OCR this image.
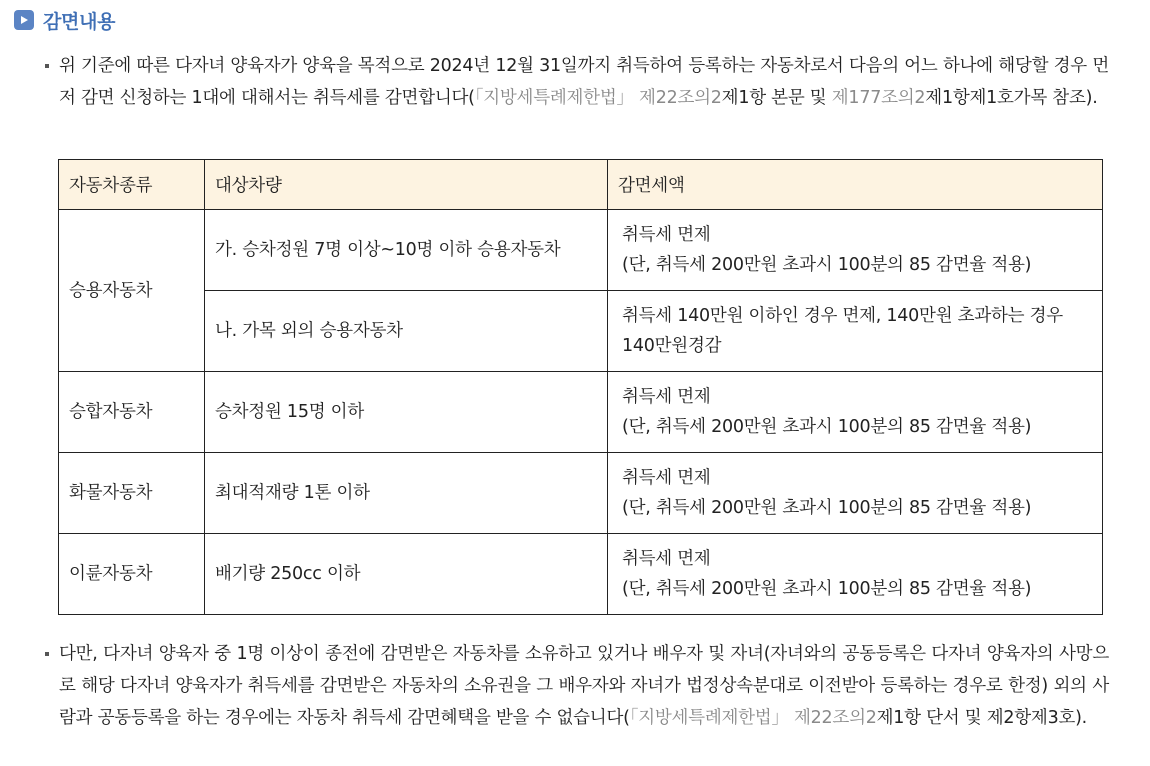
감면내용
위 기준에 따른 다자녀 양육자가 양육을 목적으로 2024년 12월 31일까지 취득하여 등록하는 자동차로서 다음의 어느 하나에 해당할 경우 먼저 감면 신청하는 1대에 대해서는 취득세를 감면합니다(「지방세특례제한법」 제22조의2제1항 본문 및 제177조의2제1항제1호가목 참조).
자동차종류	대상차량	감면세액
승용자동차	가. 승차정원 7명 이상~10명 이하 승용자동차	취득세 면제
(단, 취득세 200만원 초과시 100분의 85 감면율 적용)

	나. 가목 외의 승용자동차	취득세 140만원 이하인 경우 면제, 140만원 초과하는 경우 140만원경감

승합자동차	승차정원 15명 이하	취득세 면제
(단, 취득세 200만원 초과시 100분의 85 감면율 적용)

화물자동차	최대적재량 1톤 이하	취득세 면제
(단, 취득세 200만원 초과시 100분의 85 감면율 적용)

이륜자동차	배기량 250cc 이하	취득세 면제
(단, 취득세 200만원 초과시 100분의 85 감면율 적용)
다만, 다자녀 양육자 중 1명 이상이 종전에 감면받은 자동차를 소유하고 있거나 배우자 및 자녀(자녀와의 공동등록은 다자녀 양육자의 사망으로 해당 다자녀 양육자가 취득세를 감면받은 자동차의 소유권을 그 배우자와 자녀가 법정상속분대로 이전받아 등록하는 경우로 한정) 외의 사람과 공동등록을 하는 경우에는 자동차 취득세 감면혜택을 받을 수 없습니다(「지방세특례제한법」 제22조의2제1항 단서 및 제2항제3호).
